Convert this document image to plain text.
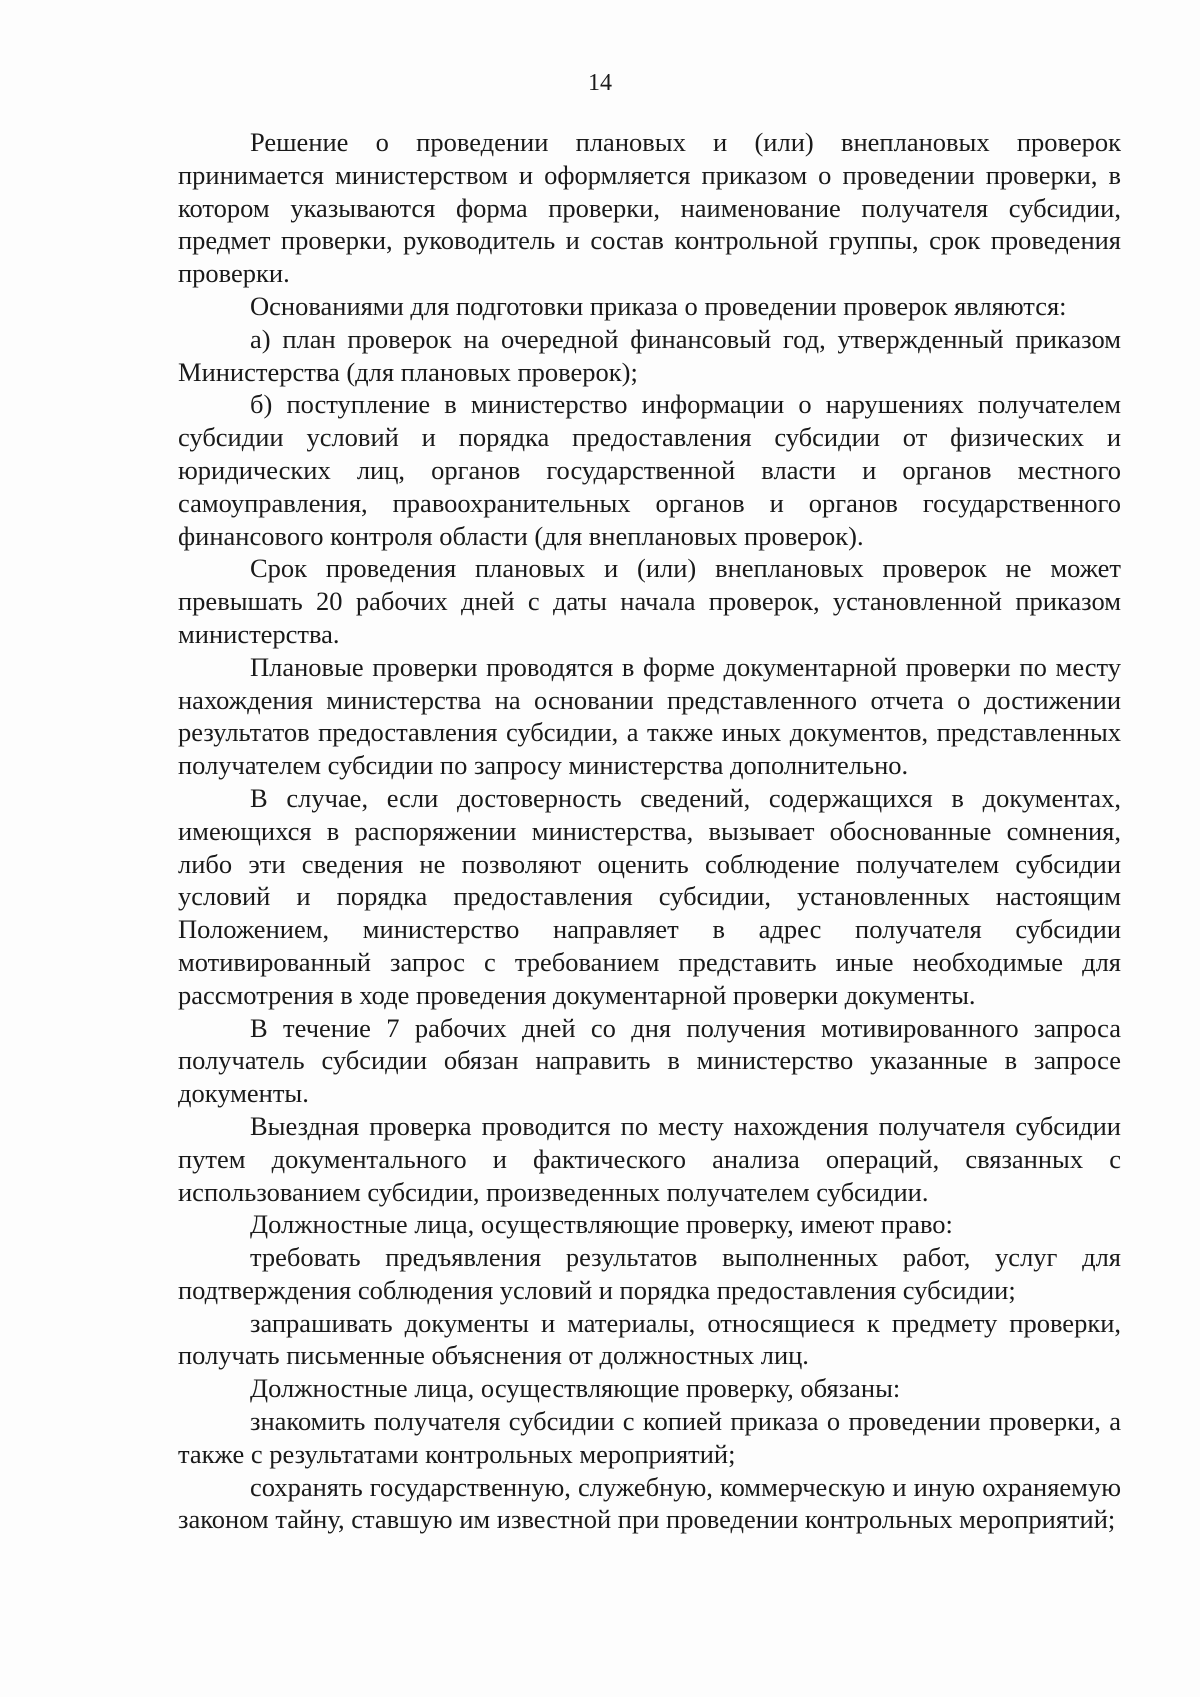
14

Решение о проведении плановых и (или) внеплановых проверок принимается министерством и оформляется приказом о проведении проверки, в котором указываются форма проверки, наименование получателя субсидии, предмет проверки, руководитель и состав контрольной группы, срок проведения проверки.

Основаниями для подготовки приказа о проведении проверок являются:

а) план проверок на очередной финансовый год, утвержденный приказом Министерства (для плановых проверок);

б) поступление в министерство информации о нарушениях получателем субсидии условий и порядка предоставления субсидии от физических и юридических лиц, органов государственной власти и органов местного самоуправления, правоохранительных органов и органов государственного финансового контроля области (для внеплановых проверок).

Срок проведения плановых и (или) внеплановых проверок не может превышать 20 рабочих дней с даты начала проверок, установленной приказом министерства.

Плановые проверки проводятся в форме документарной проверки по месту нахождения министерства на основании представленного отчета о достижении результатов предоставления субсидии, а также иных документов, представленных получателем субсидии по запросу министерства дополнительно.

В случае, если достоверность сведений, содержащихся в документах, имеющихся в распоряжении министерства, вызывает обоснованные сомнения, либо эти сведения не позволяют оценить соблюдение получателем субсидии условий и порядка предоставления субсидии, установленных настоящим Положением, министерство направляет в адрес получателя субсидии мотивированный запрос с требованием представить иные необходимые для рассмотрения в ходе проведения документарной проверки документы.

В течение 7 рабочих дней со дня получения мотивированного запроса получатель субсидии обязан направить в министерство указанные в запросе документы.

Выездная проверка проводится по месту нахождения получателя субсидии путем документального и фактического анализа операций, связанных с использованием субсидии, произведенных получателем субсидии.

Должностные лица, осуществляющие проверку, имеют право:

требовать предъявления результатов выполненных работ, услуг для подтверждения соблюдения условий и порядка предоставления субсидии;

запрашивать документы и материалы, относящиеся к предмету проверки, получать письменные объяснения от должностных лиц.

Должностные лица, осуществляющие проверку, обязаны:

знакомить получателя субсидии с копией приказа о проведении проверки, а также с результатами контрольных мероприятий;

сохранять государственную, служебную, коммерческую и иную охраняемую законом тайну, ставшую им известной при проведении контрольных мероприятий;
